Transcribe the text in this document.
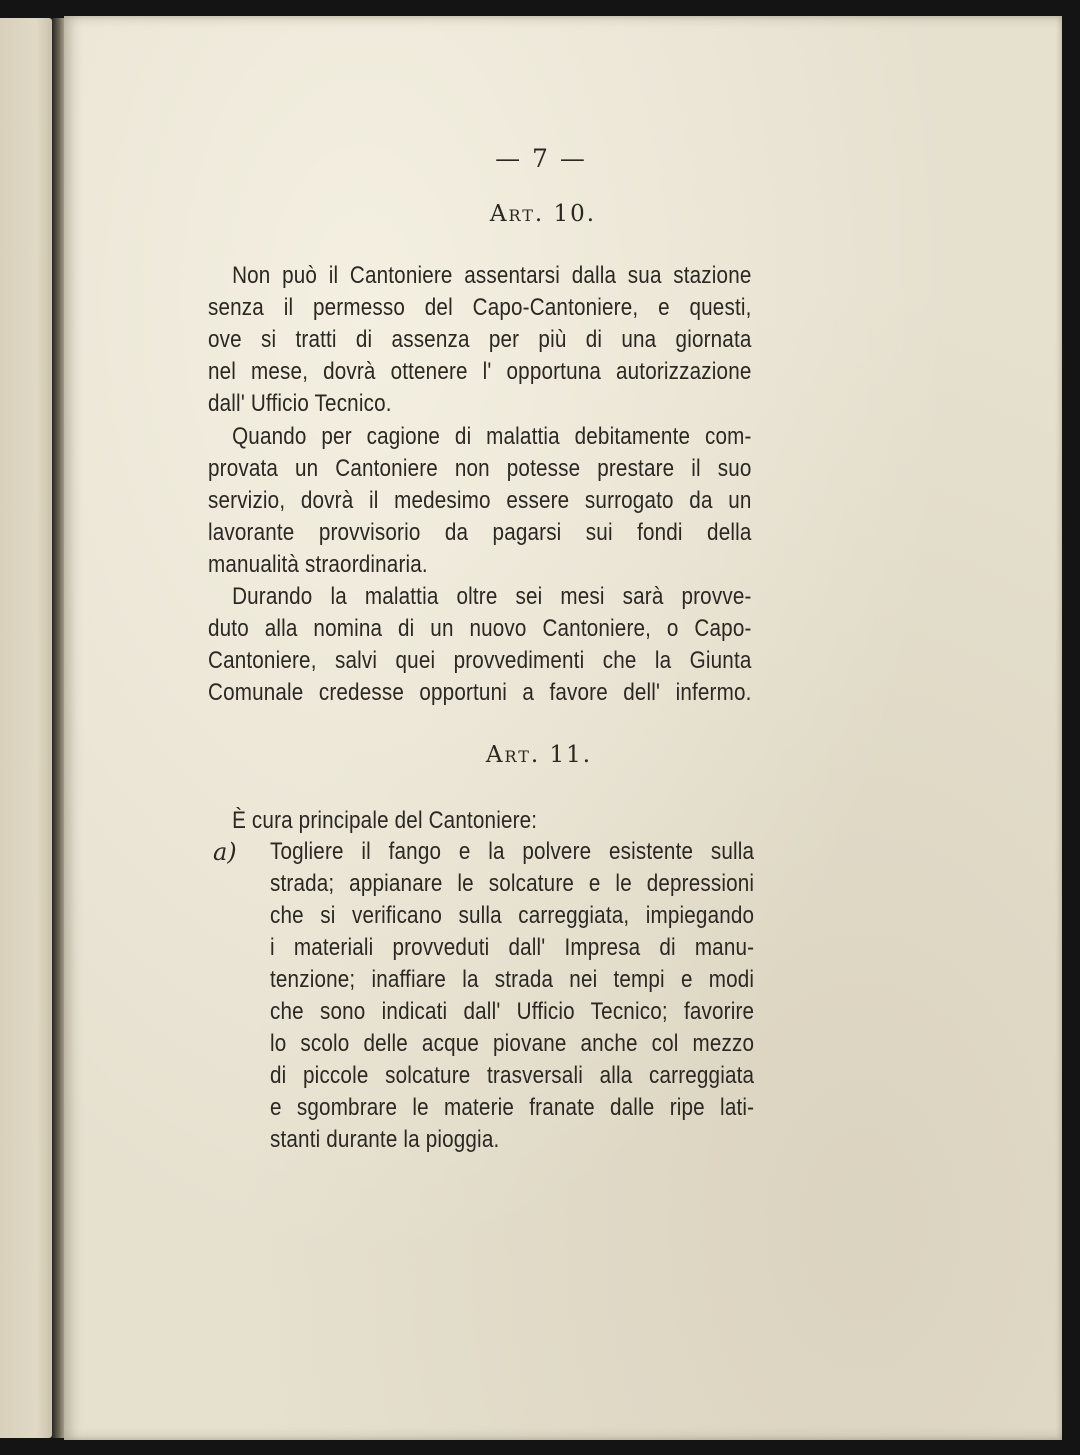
— 7 —
Art. 10.
Non può il Cantoniere assentarsi dalla sua stazione
senza il permesso del Capo-Cantoniere, e questi,
ove si tratti di assenza per più di una giornata
nel mese, dovrà ottenere l' opportuna autorizzazione
dall' Ufficio Tecnico.
Quando per cagione di malattia debitamente com-
provata un Cantoniere non potesse prestare il suo
servizio, dovrà il medesimo essere surrogato da un
lavorante provvisorio da pagarsi sui fondi della
manualità straordinaria.
Durando la malattia oltre sei mesi sarà provve-
duto alla nomina di un nuovo Cantoniere, o Capo-
Cantoniere, salvi quei provvedimenti che la Giunta
Comunale credesse opportuni a favore dell' infermo.
Art. 11.
È cura principale del Cantoniere:
a) Togliere il fango e la polvere esistente sulla
strada; appianare le solcature e le depressioni
che si verificano sulla carreggiata, impiegando
i materiali provveduti dall' Impresa di manu-
tenzione; inaffiare la strada nei tempi e modi
che sono indicati dall' Ufficio Tecnico; favorire
lo scolo delle acque piovane anche col mezzo
di piccole solcature trasversali alla carreggiata
e sgombrare le materie franate dalle ripe lati-
stanti durante la pioggia.
